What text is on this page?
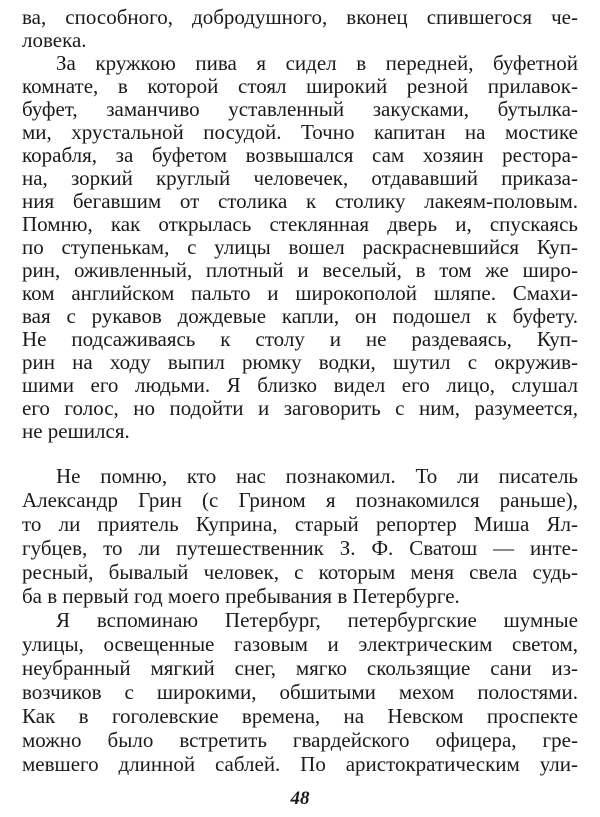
ва, способного, добродушного, вконец спившегося че-
ловека.
За кружкою пива я сидел в передней, буфетной
комнате, в которой стоял широкий резной прилавок-
буфет, заманчиво уставленный закусками, бутылка-
ми, хрустальной посудой. Точно капитан на мостике
корабля, за буфетом возвышался сам хозяин рестора-
на, зоркий круглый человечек, отдававший приказа-
ния бегавшим от столика к столику лакеям-половым.
Помню, как открылась стеклянная дверь и, спускаясь
по ступенькам, с улицы вошел раскрасневшийся Куп-
рин, оживленный, плотный и веселый, в том же широ-
ком английском пальто и широкополой шляпе. Смахи-
вая с рукавов дождевые капли, он подошел к буфету.
Не подсаживаясь к столу и не раздеваясь, Куп-
рин на ходу выпил рюмку водки, шутил с окружив-
шими его людьми. Я близко видел его лицо, слушал
его голос, но подойти и заговорить с ним, разумеется,
не решился.
Не помню, кто нас познакомил. То ли писатель
Александр Грин (с Грином я познакомился раньше),
то ли приятель Куприна, старый репортер Миша Ял-
губцев, то ли путешественник З. Ф. Сватош — инте-
ресный, бывалый человек, с которым меня свела судь-
ба в первый год моего пребывания в Петербурге.
Я вспоминаю Петербург, петербургские шумные
улицы, освещенные газовым и электрическим светом,
неубранный мягкий снег, мягко скользящие сани из-
возчиков с широкими, обшитыми мехом полостями.
Как в гоголевские времена, на Невском проспекте
можно было встретить гвардейского офицера, гре-
мевшего длинной саблей. По аристократическим ули-
48
